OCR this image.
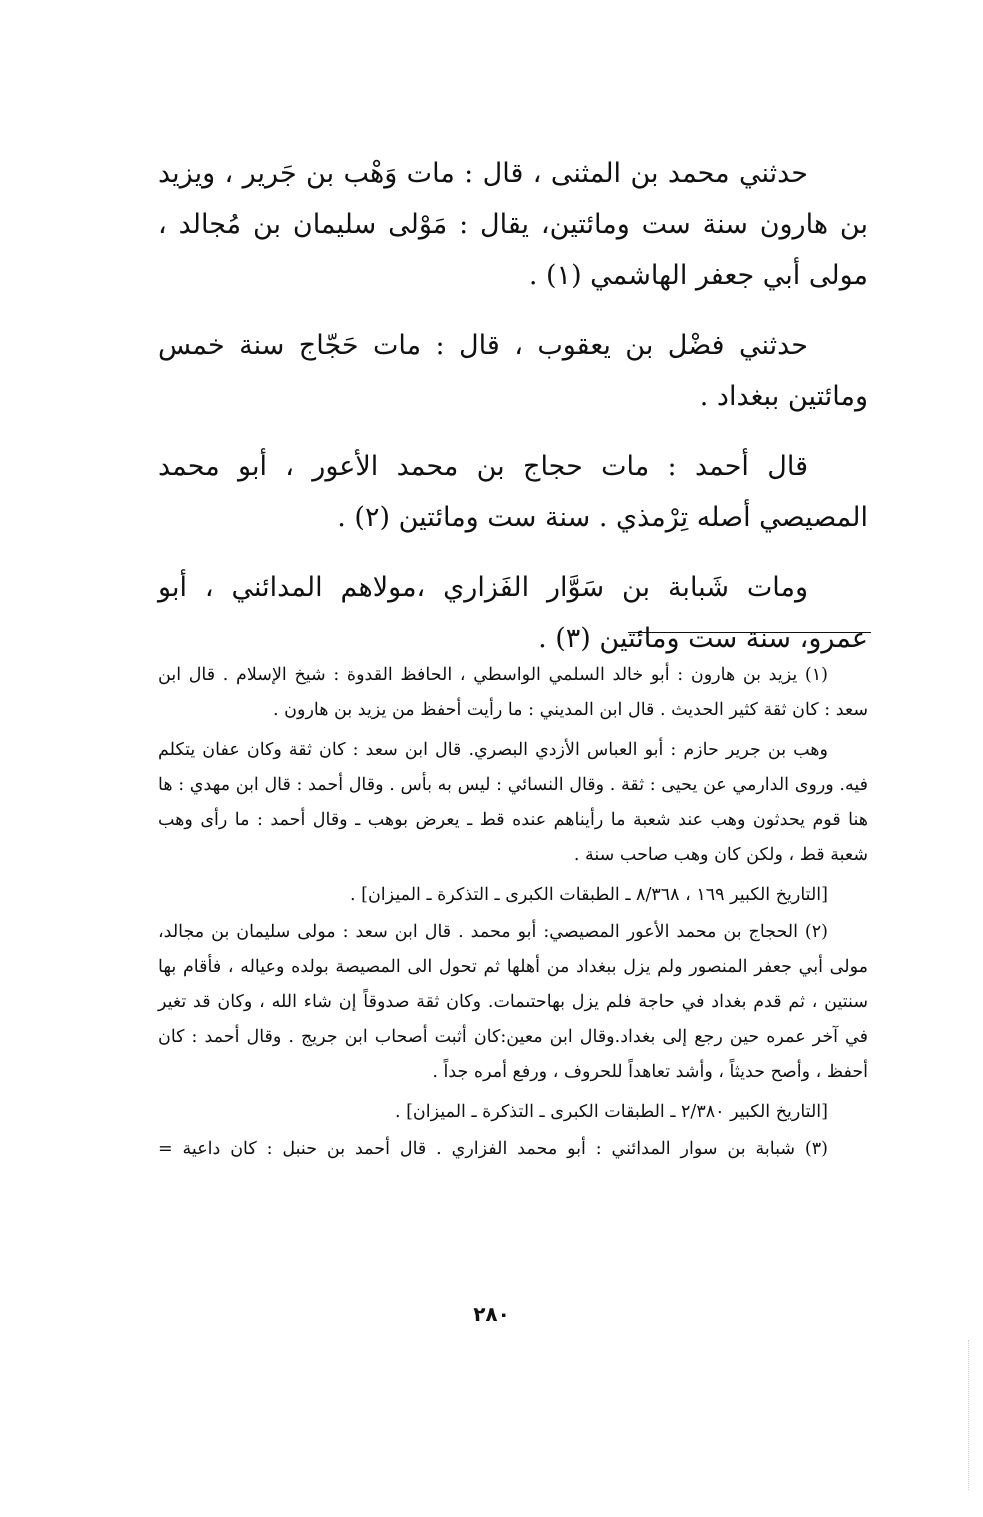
حدثني محمد بن المثنى ، قال : مات وَهْب بن جَرير ، ويزيد بن هارون سنة ست ومائتين، يقال : مَوْلى سليمان بن مُجالد ، مولى أبي جعفر الهاشمي (١) .

حدثني فضْل بن يعقوب ، قال : مات حَجّاج سنة خمس ومائتين ببغداد .

قال أحمد : مات حجاج بن محمد الأعور ، أبو محمد المصيصي أصله تِرْمذي . سنة ست ومائتين (٢) .

ومات شَبابة بن سَوَّار الفَزاري ،مولاهم المدائني ، أبو عمرو، سنة ست ومائتين (٣) .

(١) يزيد بن هارون : أبو خالد السلمي الواسطي ، الحافظ القدوة : شيخ الإسلام . قال ابن سعد : كان ثقة كثير الحديث . قال ابن المديني : ما رأيت أحفظ من يزيد بن هارون .

وهب بن جرير حازم : أبو العباس الأزدي البصري. قال ابن سعد : كان ثقة وكان عفان يتكلم فيه. وروى الدارمي عن يحيى : ثقة . وقال النسائي : ليس به بأس . وقال أحمد : قال ابن مهدي : ها هنا قوم يحدثون وهب عند شعبة ما رأيناهم عنده قط ـ يعرض بوهب ـ وقال أحمد : ما رأى وهب شعبة قط ، ولكن كان وهب صاحب سنة .

[التاريخ الكبير ١٦٩ ، ٨/٣٦٨ ـ الطبقات الكبرى ـ التذكرة ـ الميزان] .

(٢) الحجاج بن محمد الأعور المصيصي: أبو محمد . قال ابن سعد : مولى سليمان بن مجالد، مولى أبي جعفر المنصور ولم يزل ببغداد من أهلها ثم تحول الى المصيصة بولده وعياله ، فأقام بها سنتين ، ثم قدم بغداد في حاجة فلم يزل بهاحتىمات. وكان ثقة صدوقاً إن شاء الله ، وكان قد تغير في آخر عمره حين رجع إلى بغداد.وقال ابن معين:كان أثبت أصحاب ابن جريج . وقال أحمد : كان أحفظ ، وأصح حديثاً ، وأشد تعاهداً للحروف ، ورفع أمره جداً .

[التاريخ الكبير ٢/٣٨٠ ـ الطبقات الكبرى ـ التذكرة ـ الميزان] .

(٣) شبابة بن سوار المدائني : أبو محمد الفزاري . قال أحمد بن حنبل : كان داعية =

٢٨٠
